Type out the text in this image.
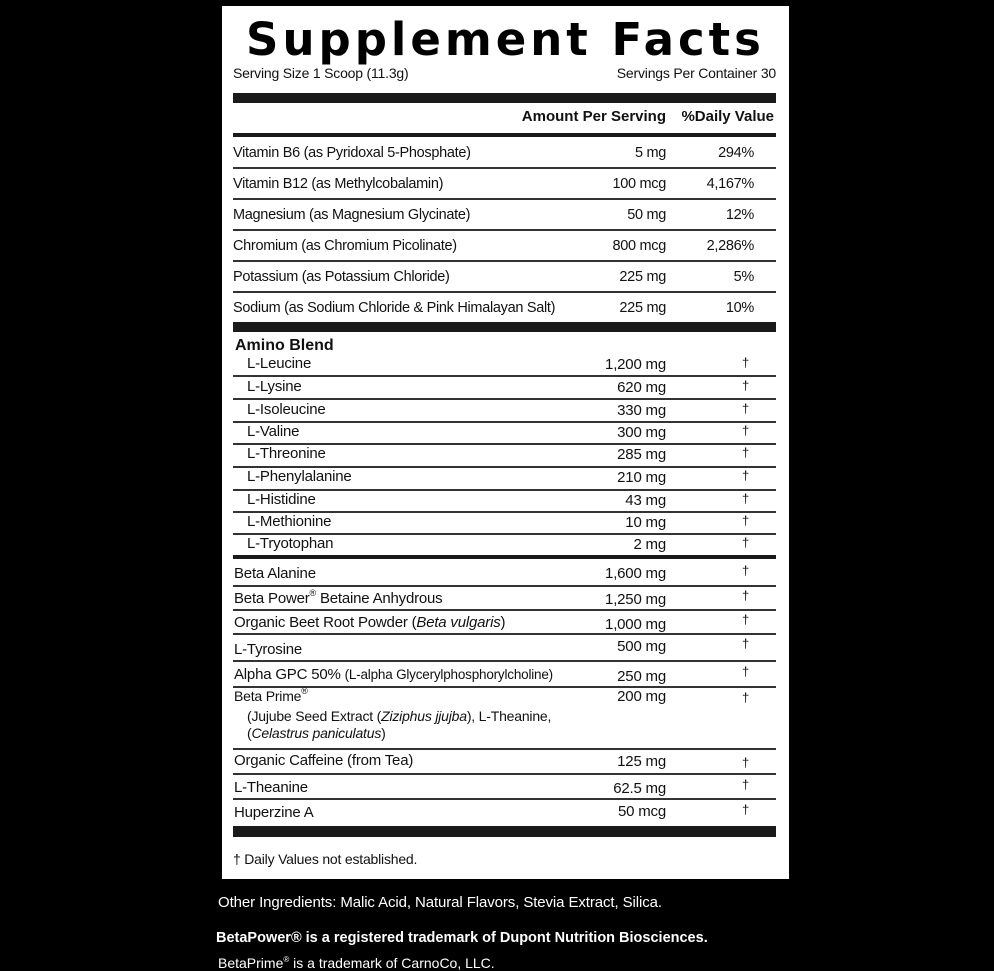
Supplement Facts
Serving Size 1 Scoop (11.3g)	Servings Per Container 30
Amount Per Serving %Daily Value
Vitamin B6 (as Pyridoxal 5-Phosphate)	5 mg	294%
Vitamin B12 (as Methylcobalamin)	100 mcg	4,167%
Magnesium (as Magnesium Glycinate)	50 mg	12%
Chromium (as Chromium Picolinate)	800 mcg	2,286%
Potassium (as Potassium Chloride)	225 mg	5%
Sodium (as Sodium Chloride & Pink Himalayan Salt)	225 mg	10%
Amino Blend
L-Leucine	1,200 mg	†
L-Lysine	620 mg	†
L-Isoleucine	330 mg	†
L-Valine	300 mg	†
L-Threonine	285 mg	†
L-Phenylalanine	210 mg	†
L-Histidine	43 mg	†
L-Methionine	10 mg	†
L-Tryotophan	2 mg	†
Beta Alanine	1,600 mg	†
Beta Power® Betaine Anhydrous	1,250 mg	†
Organic Beet Root Powder (Beta vulgaris)	1,000 mg	†
L-Tyrosine	500 mg	†
Alpha GPC 50% (L-alpha Glycerylphosphorylcholine)	250 mg	†
Beta Prime®	200 mg	†
(Jujube Seed Extract (Ziziphus jjujba), L-Theanine,
(Celastrus paniculatus)
Organic Caffeine (from Tea)	125 mg	†
L-Theanine	62.5 mg	†
Huperzine A	50 mcg	†
† Daily Values not established.
Other Ingredients: Malic Acid, Natural Flavors, Stevia Extract, Silica.
BetaPower® is a registered trademark of Dupont Nutrition Biosciences.
BetaPrime® is a trademark of CarnoCo, LLC.
